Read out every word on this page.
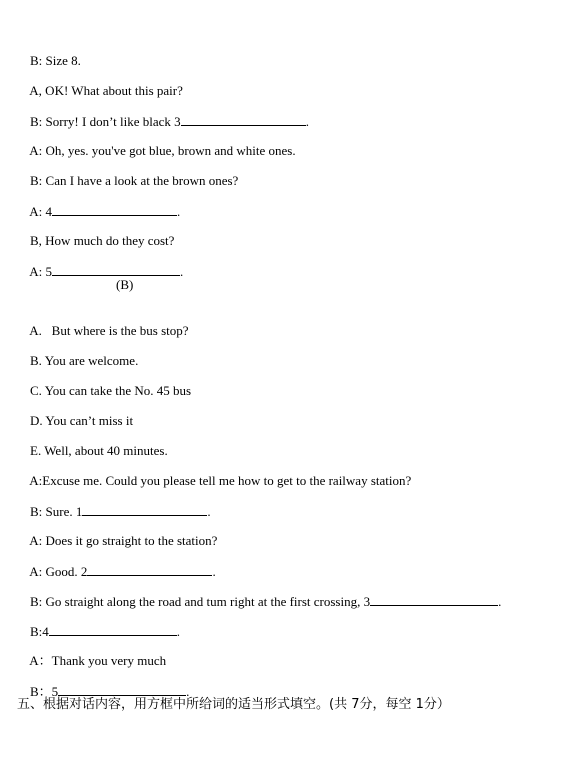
B: Size 8.

A, OK! What about this pair?

B: Sorry! I don’t like black 3	.

A: Oh, yes. you've got blue, brown and white ones.

B: Can I have a look at the brown ones?

A: 4	.

B, How much do they cost?

A: 5	.

(B)

A.   But where is the bus stop?

B. You are welcome.

C. You can take the No. 45 bus

D. You can’t miss it

E. Well, about 40 minutes.

A:Excuse me. Could you please tell me how to get to the railway station?

B: Sure. 1	.

A: Does it go straight to the station?

A: Good. 2	.

B: Go straight along the road and tum right at the first crossing, 3	.

B:4	.

A：Thank you very much

B：5	.

五、根据对话内容，用方框中所给词的适当形式填空。(共 7分，每空 1分）
